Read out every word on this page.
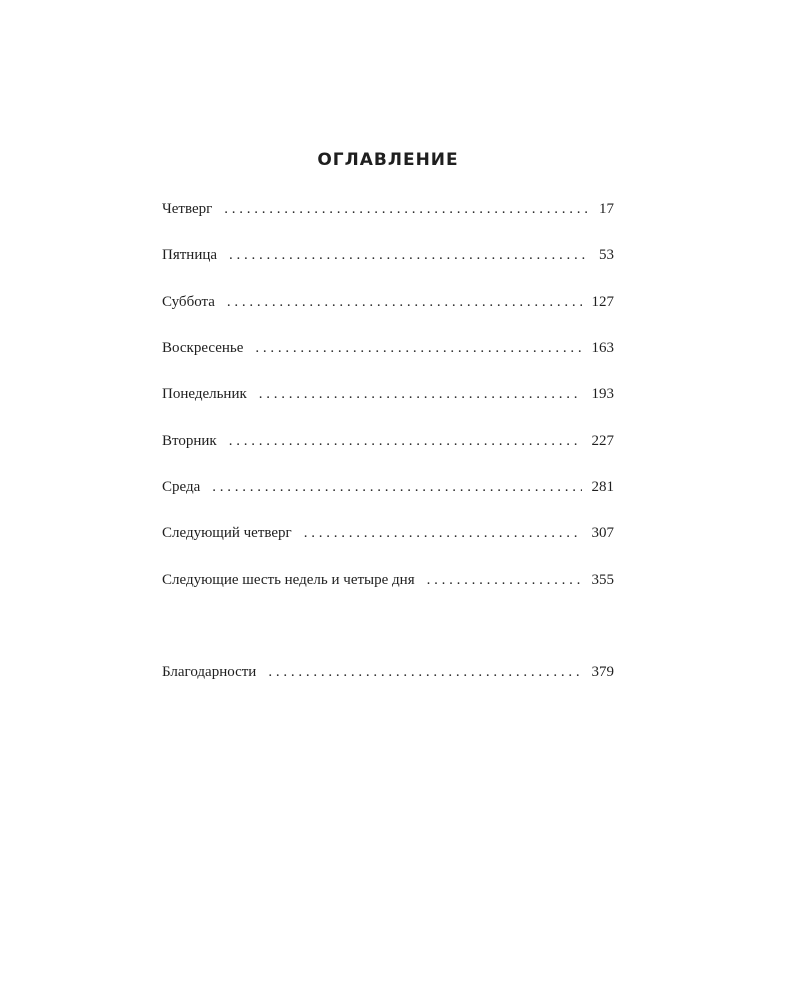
ОГЛАВЛЕНИЕ
Четверг . . .	17
Пятница . . .	53
Суббота . . .	127
Воскресенье . . .	163
Понедельник . . .	193
Вторник . . .	227
Среда . . .	281
Следующий четверг . . .	307
Следующие шесть недель и четыре дня . . .	355
Благодарности . . .	379
